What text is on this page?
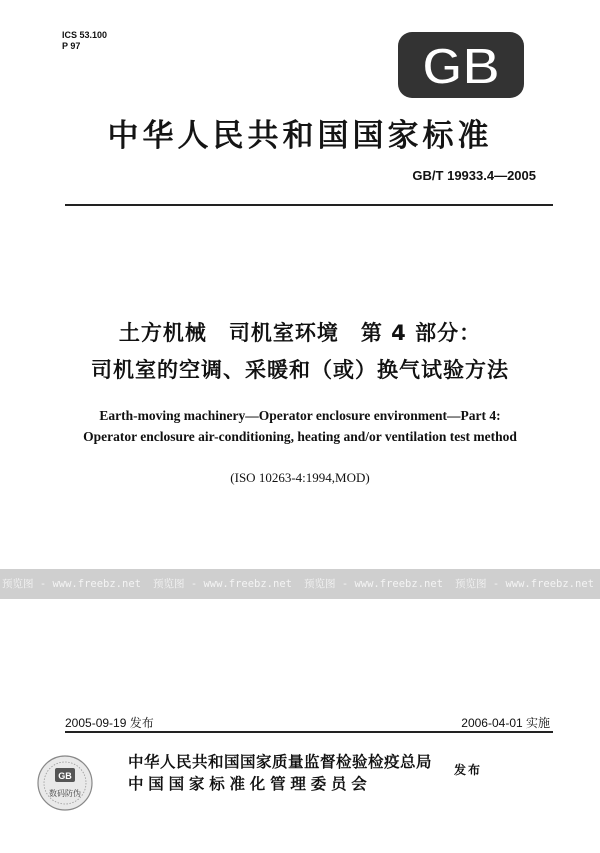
ICS 53.100
P 97	GB
中华人民共和国国家标准
GB/T 19933.4—2005
土方机械　司机室环境　第 4 部分：
司机室的空调、采暖和（或）换气试验方法
Earth-moving machinery—Operator enclosure environment—Part 4:
Operator enclosure air-conditioning, heating and/or ventilation test method
(ISO 10263-4:1994,MOD)
预览图 - www.freebz.net 预览图 - www.freebz.net 预览图 - www.freebz.net 预览图 - www.freebz.net
2005-09-19 发布	2006-04-01 实施
GB
数码防伪
中华人民共和国国家质量监督检验检疫总局
中国国家标准化管理委员会
发布
